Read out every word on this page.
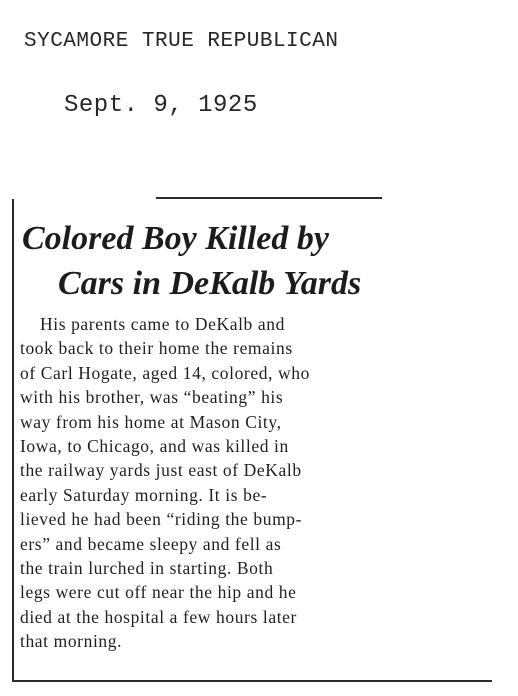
SYCAMORE TRUE REPUBLICAN
Sept. 9, 1925
Colored Boy Killed by
Cars in DeKalb Yards
His parents came to DeKalb and
took back to their home the remains
of Carl Hogate, aged 14, colored, who
with his brother, was “beating” his
way from his home at Mason City,
Iowa, to Chicago, and was killed in
the railway yards just east of DeKalb
early Saturday morning. It is be-
lieved he had been “riding the bump-
ers” and became sleepy and fell as
the train lurched in starting. Both
legs were cut off near the hip and he
died at the hospital a few hours later
that morning.
